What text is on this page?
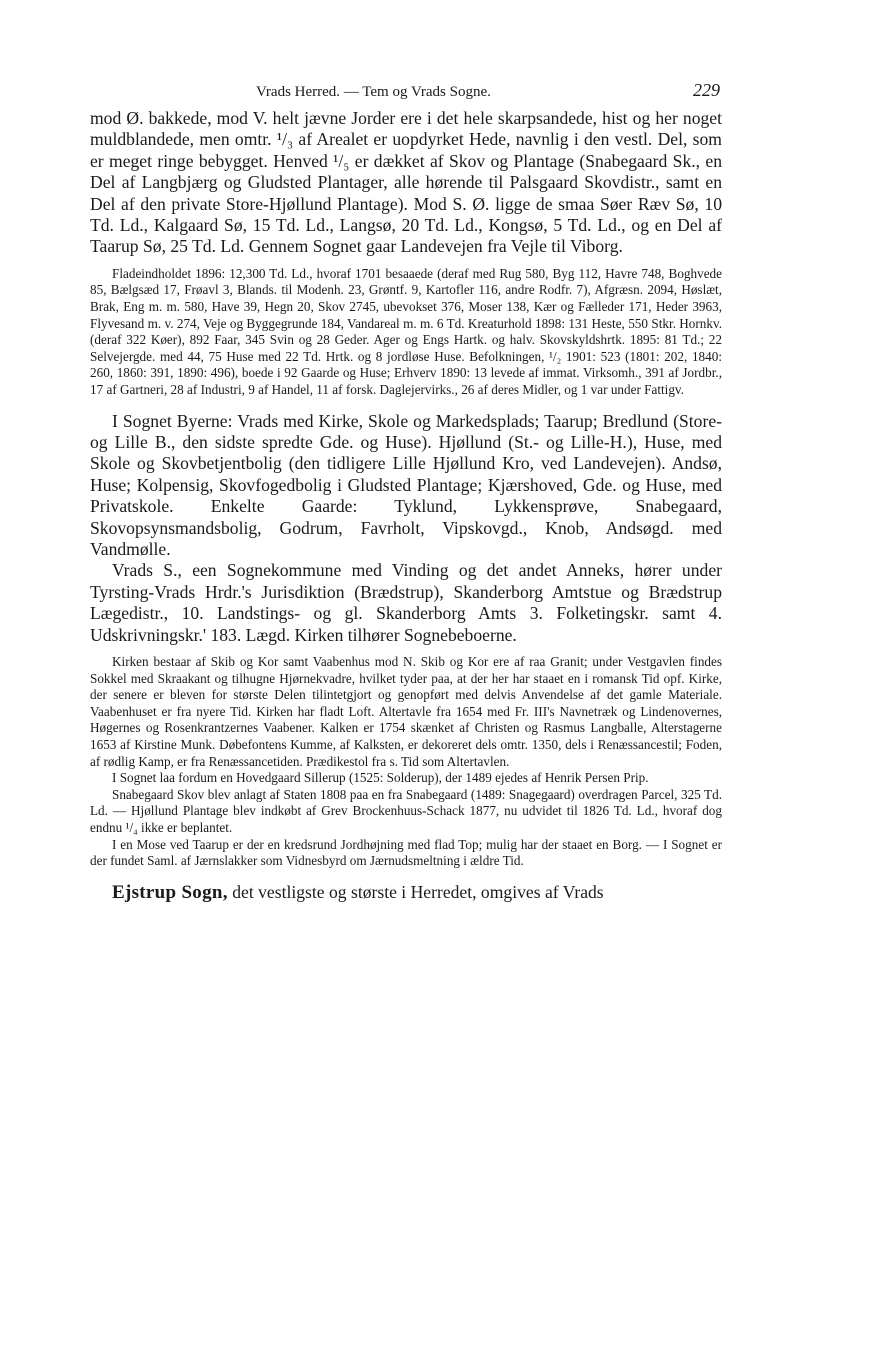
Vrads Herred. — Tem og Vrads Sogne.	229

mod Ø. bakkede, mod V. helt jævne Jorder ere i det hele skarpsandede, hist og her noget muldblandede, men omtr. ¹/₃ af Arealet er uopdyrket Hede, navnlig i den vestl. Del, som er meget ringe bebygget. Henved ¹/₅ er dækket af Skov og Plantage (Snabegaard Sk., en Del af Langbjærg og Gludsted Plantager, alle hørende til Palsgaard Skovdistr., samt en Del af den private Store-Hjøllund Plantage). Mod S. Ø. ligge de smaa Søer Ræv Sø, 10 Td. Ld., Kalgaard Sø, 15 Td. Ld., Langsø, 20 Td. Ld., Kongsø, 5 Td. Ld., og en Del af Taarup Sø, 25 Td. Ld. Gennem Sognet gaar Landevejen fra Vejle til Viborg.

Fladeindholdet 1896: 12,300 Td. Ld., hvoraf 1701 besaaede (deraf med Rug 580, Byg 112, Havre 748, Boghvede 85, Bælgsæd 17, Frøavl 3, Blands. til Modenh. 23, Grøntf. 9, Kartofler 116, andre Rodfr. 7), Afgræsn. 2094, Høslæt, Brak, Eng m. m. 580, Have 39, Hegn 20, Skov 2745, ubevokset 376, Moser 138, Kær og Fælleder 171, Heder 3963, Flyvesand m. v. 274, Veje og Byggegrunde 184, Vandareal m. m. 6 Td. Kreaturhold 1898: 131 Heste, 550 Stkr. Hornkv. (deraf 322 Køer), 892 Faar, 345 Svin og 28 Geder. Ager og Engs Hartk. og halv. Skovskyldshrtk. 1895: 81 Td.; 22 Selvejergde. med 44, 75 Huse med 22 Td. Hrtk. og 8 jordløse Huse. Befolkningen, ¹/₂ 1901: 523 (1801: 202, 1840: 260, 1860: 391, 1890: 496), boede i 92 Gaarde og Huse; Erhverv 1890: 13 levede af immat. Virksomh., 391 af Jordbr., 17 af Gartneri, 28 af Industri, 9 af Handel, 11 af forsk. Daglejervirks., 26 af deres Midler, og 1 var under Fattigv.

I Sognet Byerne: Vrads med Kirke, Skole og Markedsplads; Taarup; Bredlund (Store- og Lille B., den sidste spredte Gde. og Huse). Hjøllund (St.- og Lille-H.), Huse, med Skole og Skovbetjentbolig (den tidligere Lille Hjøllund Kro, ved Landevejen). Andsø, Huse; Kolpensig, Skovfogedbolig i Gludsted Plantage; Kjærshoved, Gde. og Huse, med Privatskole. Enkelte Gaarde: Tyklund, Lykkensprøve, Snabegaard, Skovopsynsmandsbolig, Godrum, Favrholt, Vipskovgd., Knob, Andsøgd. med Vandmølle.

Vrads S., een Sognekommune med Vinding og det andet Anneks, hører under Tyrsting-Vrads Hrdr.'s Jurisdiktion (Brædstrup), Skanderborg Amtstue og Brædstrup Lægedistr., 10. Landstings- og gl. Skanderborg Amts 3. Folketingskr. samt 4. Udskrivningskr.' 183. Lægd. Kirken tilhører Sognebeboerne.

Kirken bestaar af Skib og Kor samt Vaabenhus mod N. Skib og Kor ere af raa Granit; under Vestgavlen findes Sokkel med Skraakant og tilhugne Hjørnekvadre, hvilket tyder paa, at der her har staaet en i romansk Tid opf. Kirke, der senere er bleven for største Delen tilintetgjort og genopført med delvis Anvendelse af det gamle Materiale. Vaabenhuset er fra nyere Tid. Kirken har fladt Loft. Altertavle fra 1654 med Fr. III's Navnetræk og Lindenovernes, Høgernes og Rosenkrantzernes Vaabener. Kalken er 1754 skænket af Christen og Rasmus Langballe, Alterstagerne 1653 af Kirstine Munk. Døbefontens Kumme, af Kalksten, er dekoreret dels omtr. 1350, dels i Renæssancestil; Foden, af rødlig Kamp, er fra Renæssancetiden. Prædikestol fra s. Tid som Altertavlen.

I Sognet laa fordum en Hovedgaard Sillerup (1525: Solderup), der 1489 ejedes af Henrik Persen Prip.

Snabegaard Skov blev anlagt af Staten 1808 paa en fra Snabegaard (1489: Snagegaard) overdragen Parcel, 325 Td. Ld. — Hjøllund Plantage blev indkøbt af Grev Brockenhuus-Schack 1877, nu udvidet til 1826 Td. Ld., hvoraf dog endnu ¹/₄ ikke er beplantet.

I en Mose ved Taarup er der en kredsrund Jordhøjning med flad Top; mulig har der staaet en Borg. — I Sognet er der fundet Saml. af Jærnslakker som Vidnesbyrd om Jærnudsmeltning i ældre Tid.

Ejstrup Sogn, det vestligste og største i Herredet, omgives af Vrads
